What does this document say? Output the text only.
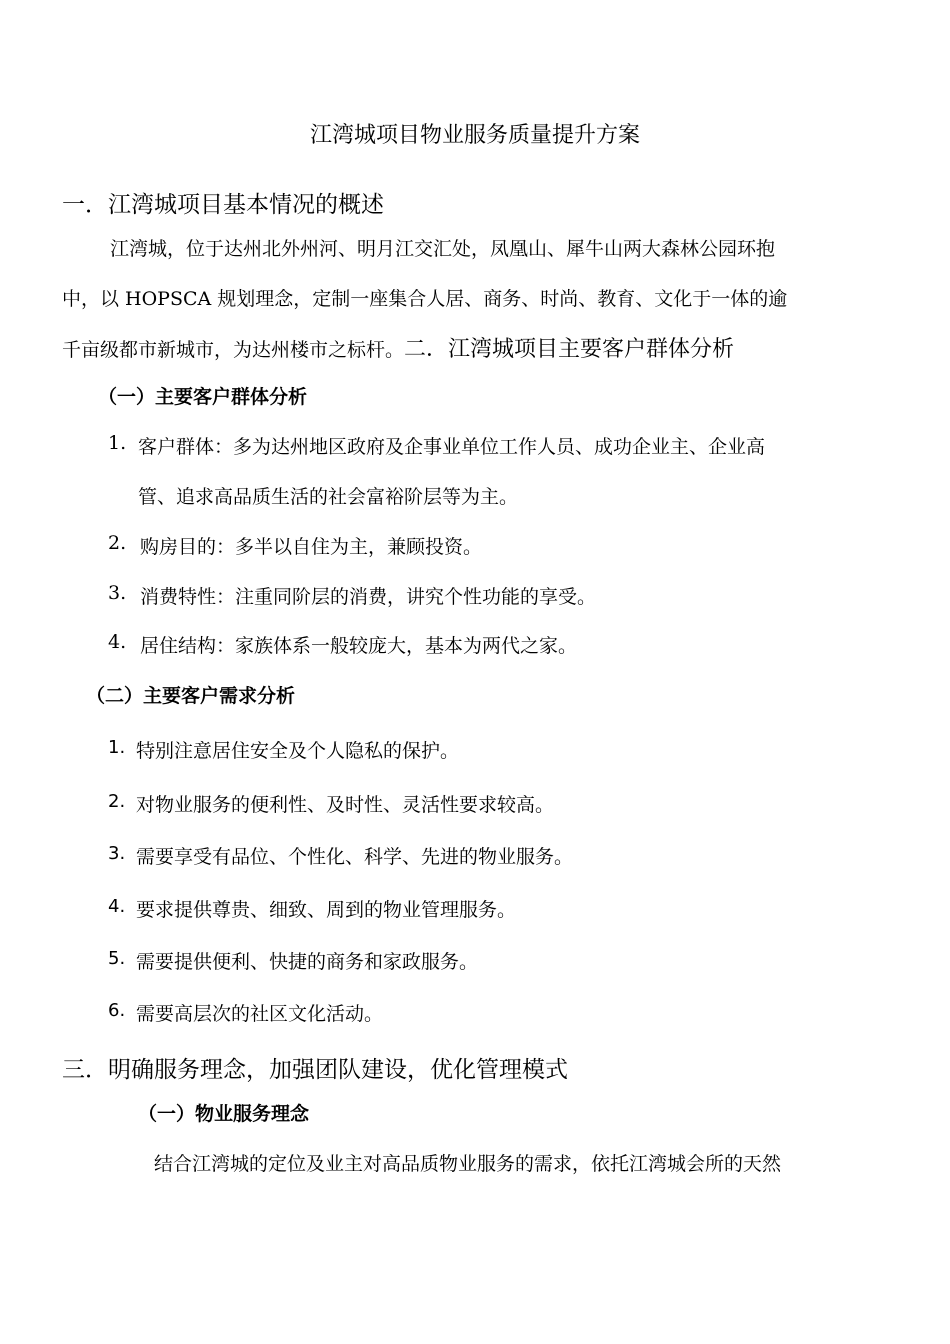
江湾城项目物业服务质量提升方案
一．江湾城项目基本情况的概述
江湾城，位于达州北外州河、明月江交汇处，凤凰山、犀牛山两大森林公园环抱
中，以 HOPSCA 规划理念，定制一座集合人居、商务、时尚、教育、文化于一体的逾
千亩级都市新城市，为达州楼市之标杆。二．江湾城项目主要客户群体分析
（一）主要客户群体分析
1. 客户群体：多为达州地区政府及企事业单位工作人员、成功企业主、企业高
管、追求高品质生活的社会富裕阶层等为主。
2. 购房目的：多半以自住为主，兼顾投资。
3. 消费特性：注重同阶层的消费，讲究个性功能的享受。
4. 居住结构：家族体系一般较庞大，基本为两代之家。
（二）主要客户需求分析
1. 特别注意居住安全及个人隐私的保护。
2. 对物业服务的便利性、及时性、灵活性要求较高。
3. 需要享受有品位、个性化、科学、先进的物业服务。
4. 要求提供尊贵、细致、周到的物业管理服务。
5. 需要提供便利、快捷的商务和家政服务。
6. 需要高层次的社区文化活动。
三．明确服务理念，加强团队建设，优化管理模式
（一）物业服务理念
结合江湾城的定位及业主对高品质物业服务的需求，依托江湾城会所的天然
